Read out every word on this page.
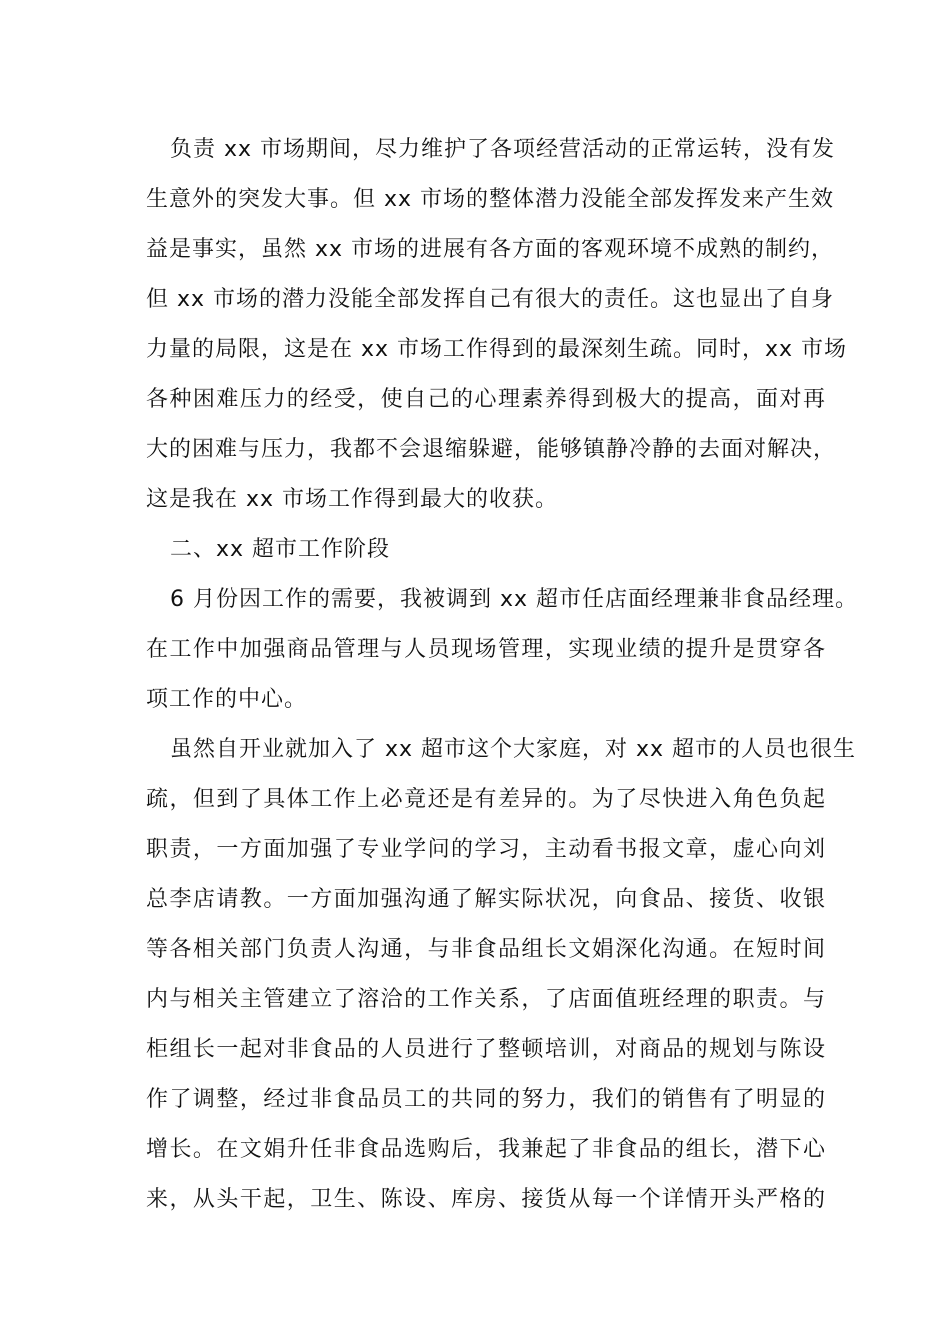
负责 xx 市场期间，尽力维护了各项经营活动的正常运转，没有发
生意外的突发大事。但 xx 市场的整体潜力没能全部发挥发来产生效
益是事实，虽然 xx 市场的进展有各方面的客观环境不成熟的制约，
但 xx 市场的潜力没能全部发挥自己有很大的责任。这也显出了自身
力量的局限，这是在 xx 市场工作得到的最深刻生疏。同时，xx 市场
各种困难压力的经受，使自己的心理素养得到极大的提高，面对再
大的困难与压力，我都不会退缩躲避，能够镇静冷静的去面对解决，
这是我在 xx 市场工作得到最大的收获。
二、xx 超市工作阶段
6 月份因工作的需要，我被调到 xx 超市任店面经理兼非食品经理。
在工作中加强商品管理与人员现场管理，实现业绩的提升是贯穿各
项工作的中心。
虽然自开业就加入了 xx 超市这个大家庭，对 xx 超市的人员也很生
疏，但到了具体工作上必竟还是有差异的。为了尽快进入角色负起
职责，一方面加强了专业学问的学习，主动看书报文章，虚心向刘
总李店请教。一方面加强沟通了解实际状况，向食品、接货、收银
等各相关部门负责人沟通，与非食品组长文娟深化沟通。在短时间
内与相关主管建立了溶洽的工作关系，了店面值班经理的职责。与
柜组长一起对非食品的人员进行了整顿培训，对商品的规划与陈设
作了调整，经过非食品员工的共同的努力，我们的销售有了明显的
增长。在文娟升任非食品选购后，我兼起了非食品的组长，潜下心
来，从头干起，卫生、陈设、库房、接货从每一个详情开头严格的
